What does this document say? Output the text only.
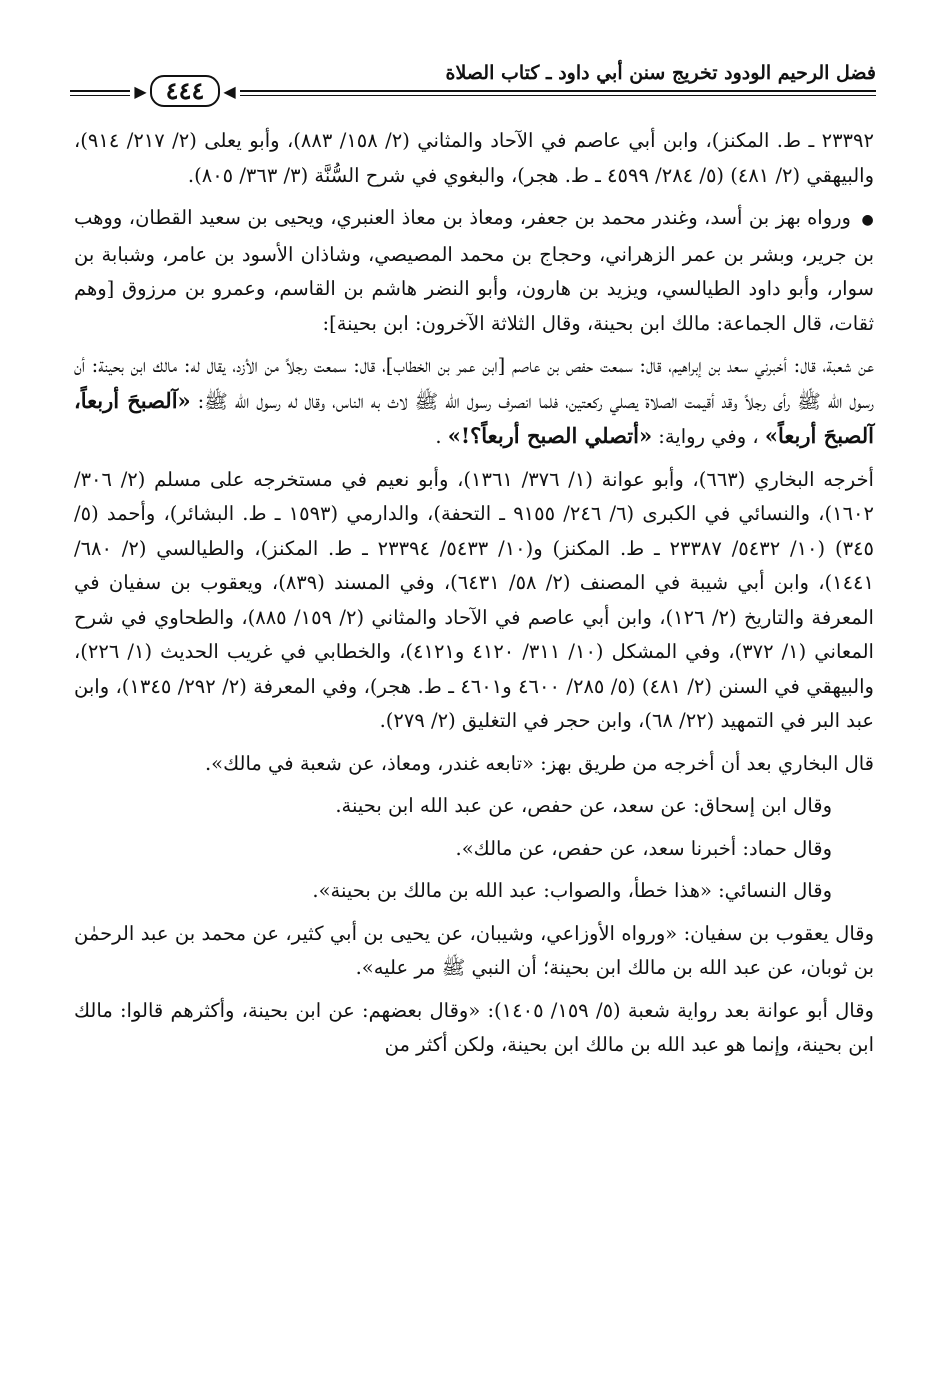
فضل الرحيم الودود تخريج سنن أبي داود ـ كتاب الصلاة
◀
٤٤٤
▶

٢٣٣٩٢ ـ ط. المكنز)، وابن أبي عاصم في الآحاد والمثاني (٢/ ١٥٨/ ٨٨٣)، وأبو يعلى (٢/ ٢١٧/ ٩١٤)، والبيهقي (٢/ ٤٨١) (٥/ ٢٨٤/ ٤٥٩٩ ـ ط. هجر)، والبغوي في شرح السُّنَّة (٣/ ٣٦٣/ ٨٠٥).

● ورواه بهز بن أسد، وغندر محمد بن جعفر، ومعاذ بن معاذ العنبري، ويحيى بن سعيد القطان، ووهب بن جرير، وبشر بن عمر الزهراني، وحجاج بن محمد المصيصي، وشاذان الأسود بن عامر، وشبابة بن سوار، وأبو داود الطيالسي، ويزيد بن هارون، وأبو النضر هاشم بن القاسم، وعمرو بن مرزوق [وهم ثقات، قال الجماعة: مالك ابن بحينة، وقال الثلاثة الآخرون: ابن بحينة]:

عن شعبة، قال: أخبرني سعد بن إبراهيم، قال: سمعت حفص بن عاصم [ابن عمر بن الخطاب]، قال: سمعت رجلاً من الأزد، يقال له: مالك ابن بحينة: أن رسول الله ﷺ رأى رجلاً وقد أقيمت الصلاة يصلي ركعتين، فلما انصرف رسول الله ﷺ لاث به الناس، وقال له رسول الله ﷺ: «آلصبحَ أربعاً، آلصبحَ أربعاً» ، وفي رواية: «أتصلي الصبح أربعاً؟!» .

أخرجه البخاري (٦٦٣)، وأبو عوانة (١/ ٣٧٦/ ١٣٦١)، وأبو نعيم في مستخرجه على مسلم (٢/ ٣٠٦/ ١٦٠٢)، والنسائي في الكبرى (٦/ ٢٤٦/ ٩١٥٥ ـ التحفة)، والدارمي (١٥٩٣ ـ ط. البشائر)، وأحمد (٥/ ٣٤٥) (١٠/ ٥٤٣٢/ ٢٣٣٨٧ ـ ط. المكنز) و(١٠/ ٥٤٣٣/ ٢٣٣٩٤ ـ ط. المكنز)، والطيالسي (٢/ ٦٨٠/ ١٤٤١)، وابن أبي شيبة في المصنف (٢/ ٥٨/ ٦٤٣١)، وفي المسند (٨٣٩)، ويعقوب بن سفيان في المعرفة والتاريخ (٢/ ١٢٦)، وابن أبي عاصم في الآحاد والمثاني (٢/ ١٥٩/ ٨٨٥)، والطحاوي في شرح المعاني (١/ ٣٧٢)، وفي المشكل (١٠/ ٣١١/ ٤١٢٠ و٤١٢١)، والخطابي في غريب الحديث (١/ ٢٢٦)، والبيهقي في السنن (٢/ ٤٨١) (٥/ ٢٨٥/ ٤٦٠٠ و٤٦٠١ ـ ط. هجر)، وفي المعرفة (٢/ ٢٩٢/ ١٣٤٥)، وابن عبد البر في التمهيد (٢٢/ ٦٨)، وابن حجر في التغليق (٢/ ٢٧٩).

قال البخاري بعد أن أخرجه من طريق بهز: «تابعه غندر، ومعاذ، عن شعبة في مالك».

وقال ابن إسحاق: عن سعد، عن حفص، عن عبد الله ابن بحينة.

وقال حماد: أخبرنا سعد، عن حفص، عن مالك».

وقال النسائي: «هذا خطأ، والصواب: عبد الله بن مالك بن بحينة».

وقال يعقوب بن سفيان: «ورواه الأوزاعي، وشيبان، عن يحيى بن أبي كثير، عن محمد بن عبد الرحمٰن بن ثوبان، عن عبد الله بن مالك ابن بحينة؛ أن النبي ﷺ مر عليه».

وقال أبو عوانة بعد رواية شعبة (٥/ ١٥٩/ ١٤٠٥): «وقال بعضهم: عن ابن بحينة، وأكثرهم قالوا: مالك ابن بحينة، وإنما هو عبد الله بن مالك ابن بحينة، ولكن أكثر من
